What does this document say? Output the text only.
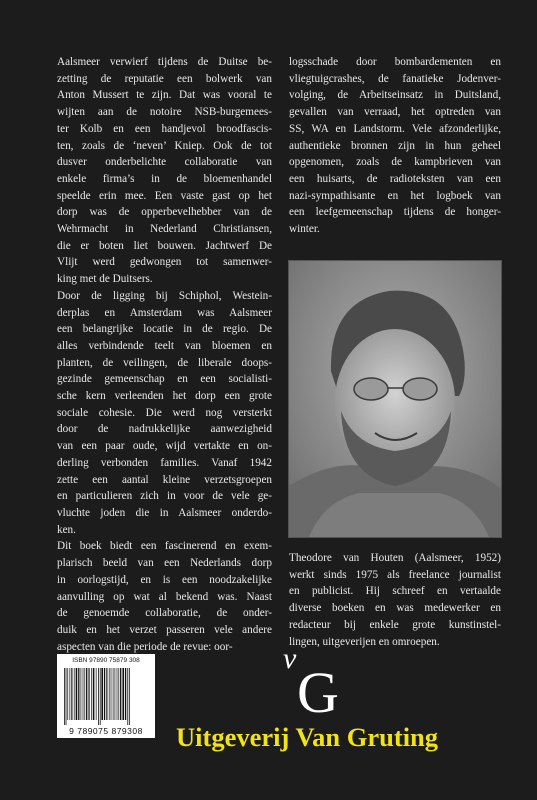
Aalsmeer verwierf tijdens de Duitse be-
zetting de reputatie een bolwerk van
Anton Mussert te zijn. Dat was vooral te
wijten aan de notoire NSB-burgemees-
ter Kolb en een handjevol broodfascis-
ten, zoals de ‘neven’ Kniep. Ook de tot
dusver onderbelichte collaboratie van
enkele firma’s in de bloemenhandel
speelde erin mee. Een vaste gast op het
dorp was de opperbevelhebber van de
Wehrmacht in Nederland Christiansen,
die er boten liet bouwen. Jachtwerf De
Vlijt werd gedwongen tot samenwer-
king met de Duitsers.
Door de ligging bij Schiphol, Westein-
derplas en Amsterdam was Aalsmeer
een belangrijke locatie in de regio. De
alles verbindende teelt van bloemen en
planten, de veilingen, de liberale doops-
gezinde gemeenschap en een socialisti-
sche kern verleenden het dorp een grote
sociale cohesie. Die werd nog versterkt
door de nadrukkelijke aanwezigheid
van een paar oude, wijd vertakte en on-
derling verbonden families. Vanaf 1942
zette een aantal kleine verzetsgroepen
en particulieren zich in voor de vele ge-
vluchte joden die in Aalsmeer onderdo-
ken.
Dit boek biedt een fascinerend en exem-
plarisch beeld van een Nederlands dorp
in oorlogstijd, en is een noodzakelijke
aanvulling op wat al bekend was. Naast
de genoemde collaboratie, de onder-
duik en het verzet passeren vele andere
aspecten van die periode de revue: oor-
logsschade door bombardementen en
vliegtuigcrashes, de fanatieke Jodenver-
volging, de Arbeitseinsatz in Duitsland,
gevallen van verraad, het optreden van
SS, WA en Landstorm. Vele afzonderlijke,
authentieke bronnen zijn in hun geheel
opgenomen, zoals de kampbrieven van
een huisarts, de radioteksten van een
nazi-sympathisante en het logboek van
een leefgemeenschap tijdens de honger-
winter.
Theodore van Houten (Aalsmeer, 1952)
werkt sinds 1975 als freelance journalist
en publicist. Hij schreef en vertaalde
diverse boeken en was medewerker en
redacteur bij enkele grote kunstinstel-
lingen, uitgeverijen en omroepen.
ISBN 97890 75879 308
9 789075 879308
v
G
Uitgeverij Van Gruting
